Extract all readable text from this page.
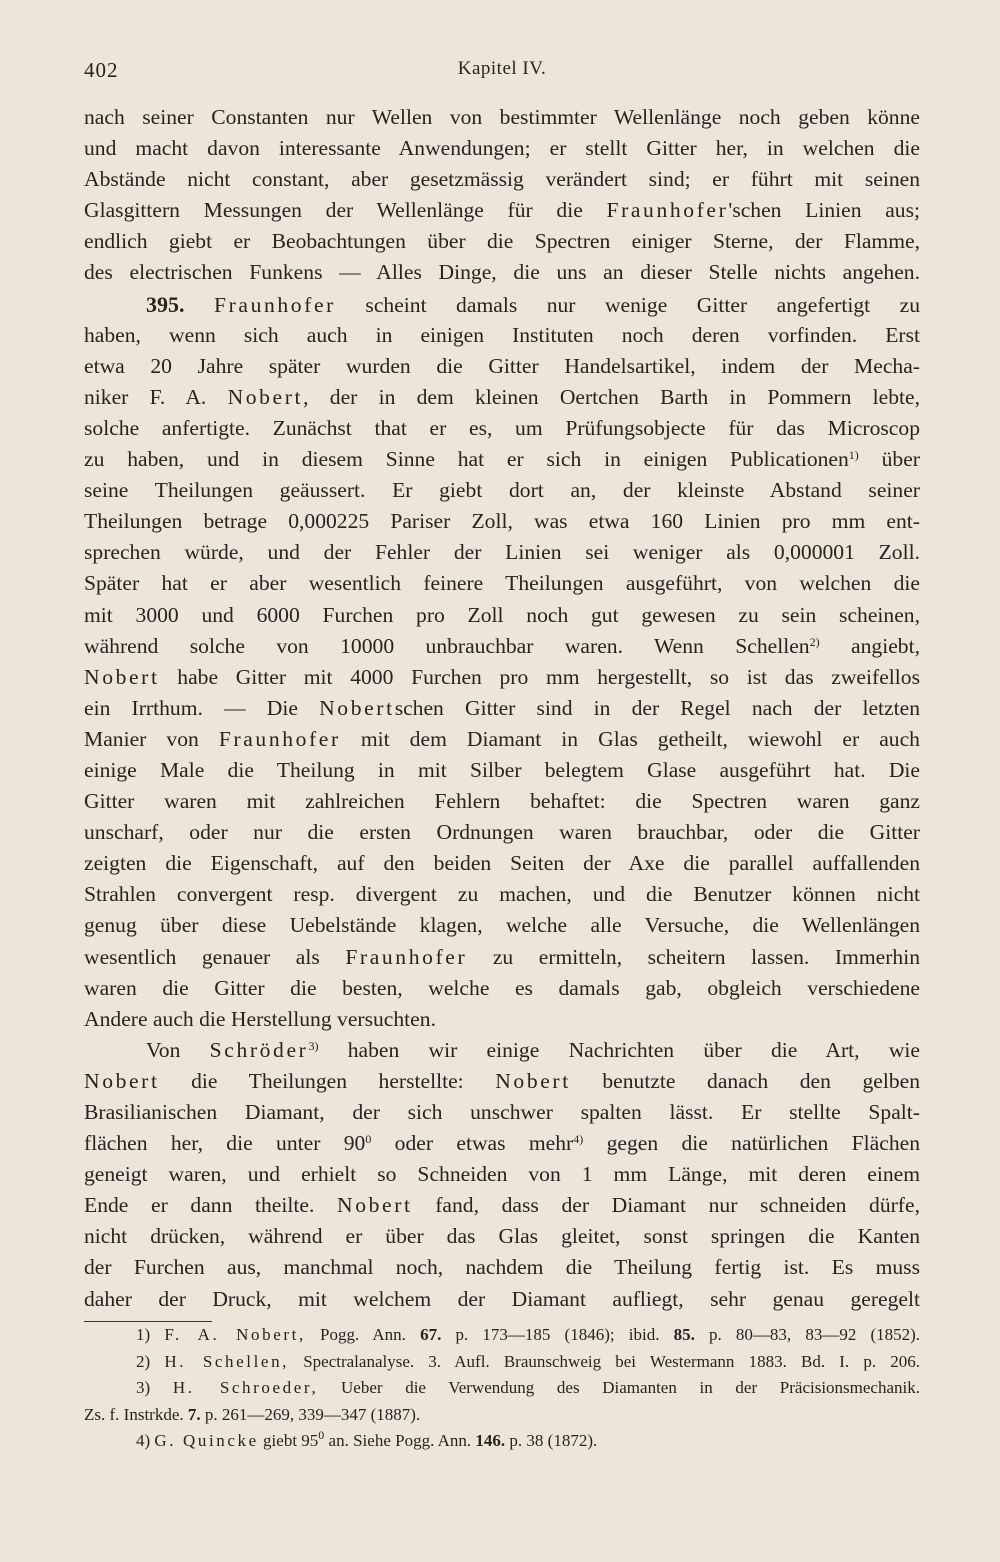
402	Kapitel IV.
nach seiner Constanten nur Wellen von bestimmter Wellenlänge noch geben könne
und macht davon interessante Anwendungen; er stellt Gitter her, in welchen die
Abstände nicht constant, aber gesetzmässig verändert sind; er führt mit seinen
Glasgittern Messungen der Wellenlänge für die Fraunhofer'schen Linien aus;
endlich giebt er Beobachtungen über die Spectren einiger Sterne, der Flamme,
des electrischen Funkens — Alles Dinge, die uns an dieser Stelle nichts angehen.
395. Fraunhofer scheint damals nur wenige Gitter angefertigt zu
haben, wenn sich auch in einigen Instituten noch deren vorfinden. Erst
etwa 20 Jahre später wurden die Gitter Handelsartikel, indem der Mecha-
niker F. A. Nobert, der in dem kleinen Oertchen Barth in Pommern lebte,
solche anfertigte. Zunächst that er es, um Prüfungsobjecte für das Microscop
zu haben, und in diesem Sinne hat er sich in einigen Publicationen$^{1)}$ über
seine Theilungen geäussert. Er giebt dort an, der kleinste Abstand seiner
Theilungen betrage 0,000225 Pariser Zoll, was etwa 160 Linien pro mm ent-
sprechen würde, und der Fehler der Linien sei weniger als 0,000001 Zoll.
Später hat er aber wesentlich feinere Theilungen ausgeführt, von welchen die
mit 3000 und 6000 Furchen pro Zoll noch gut gewesen zu sein scheinen,
während solche von 10000 unbrauchbar waren. Wenn Schellen$^{2)}$ angiebt,
Nobert habe Gitter mit 4000 Furchen pro mm hergestellt, so ist das zweifellos
ein Irrthum. — Die Nobertschen Gitter sind in der Regel nach der letzten
Manier von Fraunhofer mit dem Diamant in Glas getheilt, wiewohl er auch
einige Male die Theilung in mit Silber belegtem Glase ausgeführt hat. Die
Gitter waren mit zahlreichen Fehlern behaftet: die Spectren waren ganz
unscharf, oder nur die ersten Ordnungen waren brauchbar, oder die Gitter
zeigten die Eigenschaft, auf den beiden Seiten der Axe die parallel auffallenden
Strahlen convergent resp. divergent zu machen, und die Benutzer können nicht
genug über diese Uebelstände klagen, welche alle Versuche, die Wellenlängen
wesentlich genauer als Fraunhofer zu ermitteln, scheitern lassen. Immerhin
waren die Gitter die besten, welche es damals gab, obgleich verschiedene
Andere auch die Herstellung versuchten.
Von Schröder$^{3)}$ haben wir einige Nachrichten über die Art, wie
Nobert die Theilungen herstellte: Nobert benutzte danach den gelben
Brasilianischen Diamant, der sich unschwer spalten lässt. Er stellte Spalt-
flächen her, die unter $90^0$ oder etwas mehr$^{4)}$ gegen die natürlichen Flächen
geneigt waren, und erhielt so Schneiden von 1 mm Länge, mit deren einem
Ende er dann theilte. Nobert fand, dass der Diamant nur schneiden dürfe,
nicht drücken, während er über das Glas gleitet, sonst springen die Kanten
der Furchen aus, manchmal noch, nachdem die Theilung fertig ist. Es muss
daher der Druck, mit welchem der Diamant aufliegt, sehr genau geregelt
1) F. A. Nobert, Pogg. Ann. 67. p. 173—185 (1846); ibid. 85. p. 80—83, 83—92 (1852).
2) H. Schellen, Spectralanalyse. 3. Aufl. Braunschweig bei Westermann 1883. Bd. I. p. 206.
3) H. Schroeder, Ueber die Verwendung des Diamanten in der Präcisionsmechanik.
Zs. f. Instrkde. 7. p. 261—269, 339—347 (1887).
4) G. Quincke giebt $95^0$ an. Siehe Pogg. Ann. 146. p. 38 (1872).
